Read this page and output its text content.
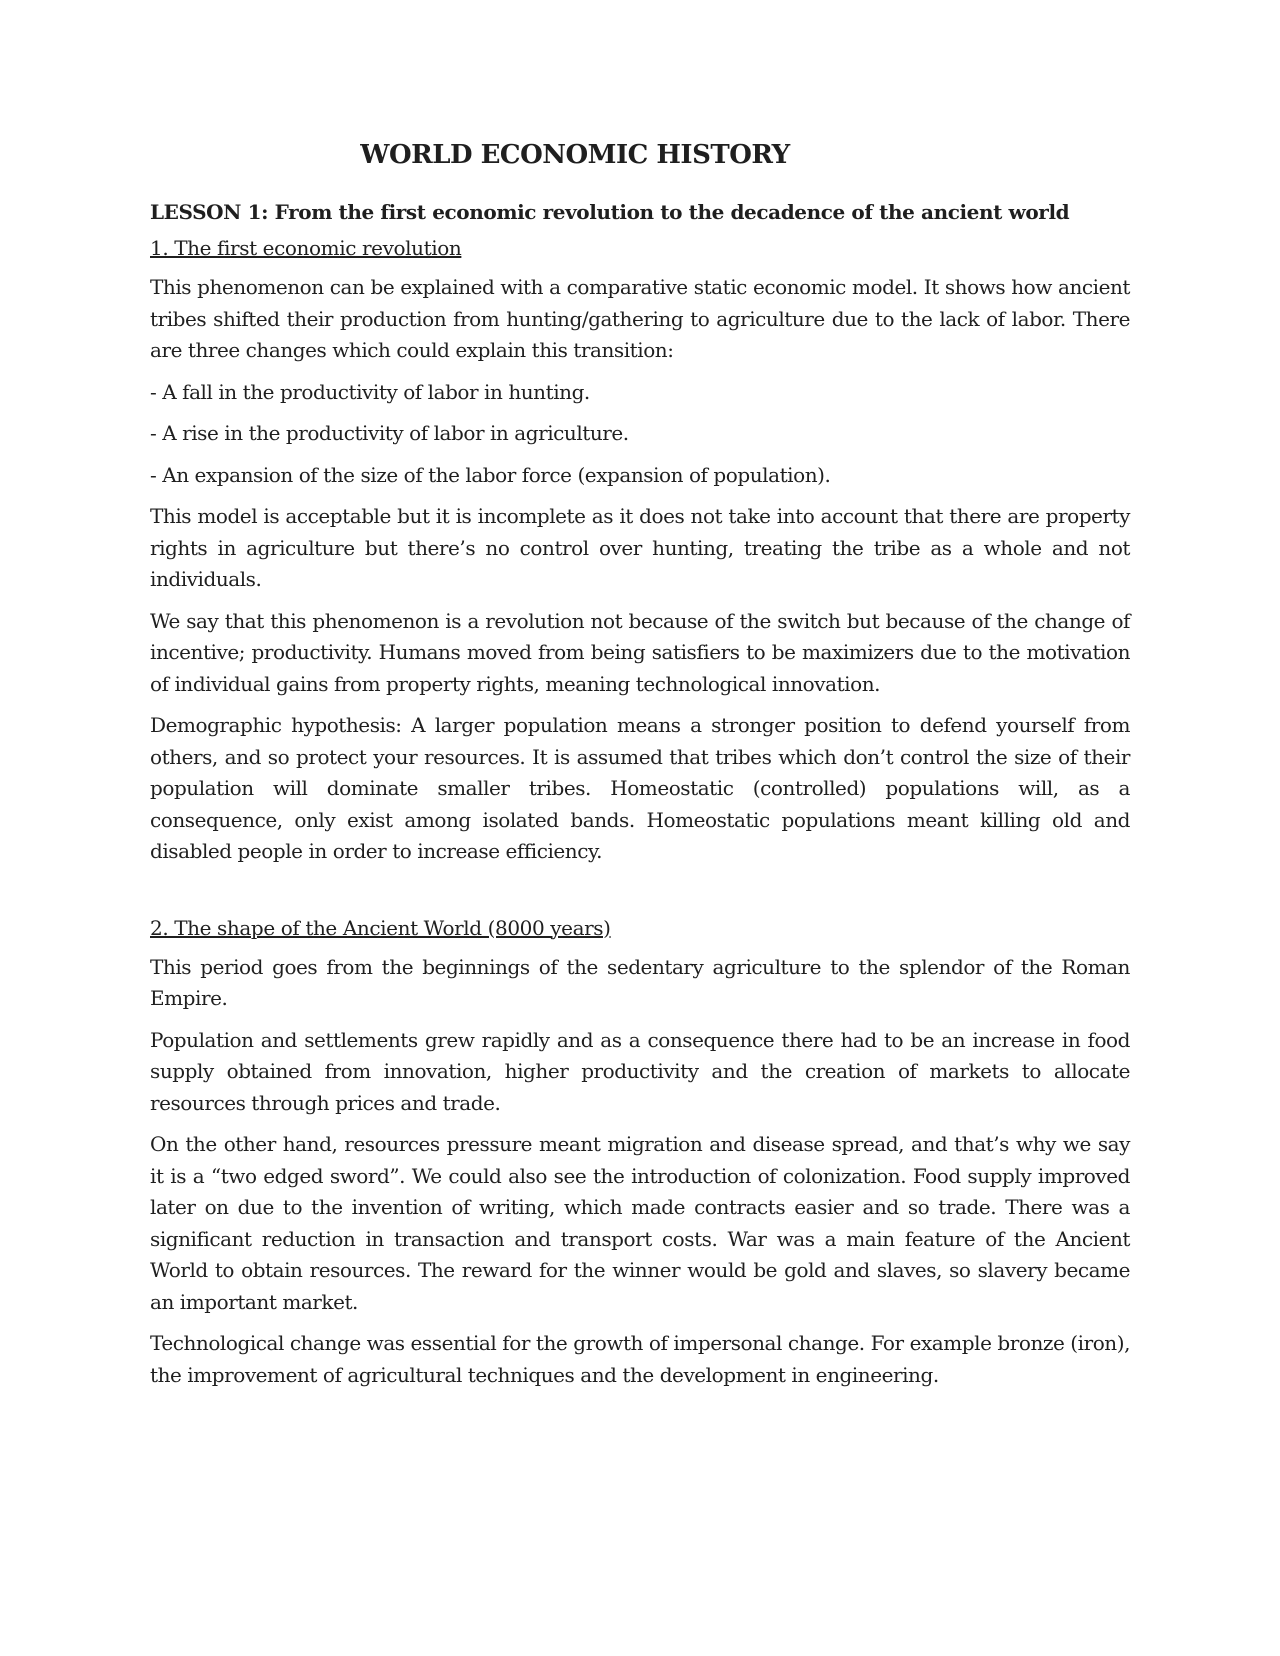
WORLD ECONOMIC HISTORY
LESSON 1: From the first economic revolution to the decadence of the ancient world
1. The first economic revolution

This phenomenon can be explained with a comparative static economic model. It shows how ancient tribes shifted their production from hunting/gathering to agriculture due to the lack of labor. There are three changes which could explain this transition:

- A fall in the productivity of labor in hunting.

- A rise in the productivity of labor in agriculture.

- An expansion of the size of the labor force (expansion of population).

This model is acceptable but it is incomplete as it does not take into account that there are property rights in agriculture but there’s no control over hunting, treating the tribe as a whole and not individuals.

We say that this phenomenon is a revolution not because of the switch but because of the change of incentive; productivity. Humans moved from being satisfiers to be maximizers due to the motivation of individual gains from property rights, meaning technological innovation.

Demographic hypothesis: A larger population means a stronger position to defend yourself from others, and so protect your resources. It is assumed that tribes which don’t control the size of their population will dominate smaller tribes. Homeostatic (controlled) populations will, as a consequence, only exist among isolated bands. Homeostatic populations meant killing old and disabled people in order to increase efficiency.

2. The shape of the Ancient World (8000 years)

This period goes from the beginnings of the sedentary agriculture to the splendor of the Roman Empire.

Population and settlements grew rapidly and as a consequence there had to be an increase in food supply obtained from innovation, higher productivity and the creation of markets to allocate resources through prices and trade.

On the other hand, resources pressure meant migration and disease spread, and that’s why we say it is a “two edged sword”. We could also see the introduction of colonization. Food supply improved later on due to the invention of writing, which made contracts easier and so trade. There was a significant reduction in transaction and transport costs. War was a main feature of the Ancient World to obtain resources. The reward for the winner would be gold and slaves, so slavery became an important market.

Technological change was essential for the growth of impersonal change. For example bronze (iron), the improvement of agricultural techniques and the development in engineering.
